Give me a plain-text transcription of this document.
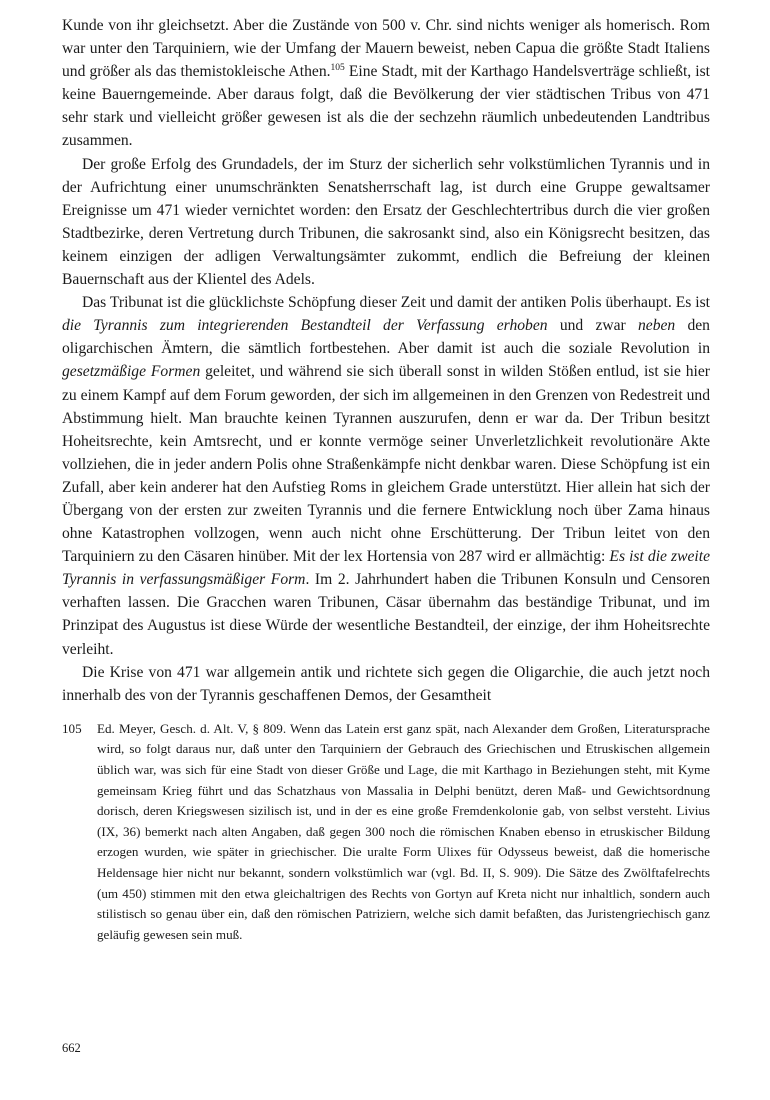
Kunde von ihr gleichsetzt. Aber die Zustände von 500 v. Chr. sind nichts weniger als homerisch. Rom war unter den Tarquiniern, wie der Umfang der Mauern beweist, neben Capua die größte Stadt Italiens und größer als das themistokleische Athen.$^{105}$ Eine Stadt, mit der Karthago Handelsverträge schließt, ist keine Bauerngemeinde. Aber daraus folgt, daß die Bevölkerung der vier städtischen Tribus von 471 sehr stark und vielleicht größer gewesen ist als die der sechzehn räumlich unbedeutenden Landtribus zusammen.

Der große Erfolg des Grundadels, der im Sturz der sicherlich sehr volkstümlichen Tyrannis und in der Aufrichtung einer unumschränkten Senatsherrschaft lag, ist durch eine Gruppe gewaltsamer Ereignisse um 471 wieder vernichtet worden: den Ersatz der Geschlechtertribus durch die vier großen Stadtbezirke, deren Vertretung durch Tribunen, die sakrosankt sind, also ein Königsrecht besitzen, das keinem einzigen der adligen Verwaltungsämter zukommt, endlich die Befreiung der kleinen Bauernschaft aus der Klientel des Adels.

Das Tribunat ist die glücklichste Schöpfung dieser Zeit und damit der antiken Polis überhaupt. Es ist die Tyrannis zum integrierenden Bestandteil der Verfassung erhoben und zwar neben den oligarchischen Ämtern, die sämtlich fortbestehen. Aber damit ist auch die soziale Revolution in gesetzmäßige Formen geleitet, und während sie sich überall sonst in wilden Stößen entlud, ist sie hier zu einem Kampf auf dem Forum geworden, der sich im allgemeinen in den Grenzen von Redestreit und Abstimmung hielt. Man brauchte keinen Tyrannen auszurufen, denn er war da. Der Tribun besitzt Hoheitsrechte, kein Amtsrecht, und er konnte vermöge seiner Unverletzlichkeit revolutionäre Akte vollziehen, die in jeder andern Polis ohne Straßenkämpfe nicht denkbar waren. Diese Schöpfung ist ein Zufall, aber kein anderer hat den Aufstieg Roms in gleichem Grade unterstützt. Hier allein hat sich der Übergang von der ersten zur zweiten Tyrannis und die fernere Entwicklung noch über Zama hinaus ohne Katastrophen vollzogen, wenn auch nicht ohne Erschütterung. Der Tribun leitet von den Tarquiniern zu den Cäsaren hinüber. Mit der lex Hortensia von 287 wird er allmächtig: Es ist die zweite Tyrannis in verfassungsmäßiger Form. Im 2. Jahrhundert haben die Tribunen Konsuln und Censoren verhaften lassen. Die Gracchen waren Tribunen, Cäsar übernahm das beständige Tribunat, und im Prinzipat des Augustus ist diese Würde der wesentliche Bestandteil, der einzige, der ihm Hoheitsrechte verleiht.

Die Krise von 471 war allgemein antik und richtete sich gegen die Oligarchie, die auch jetzt noch innerhalb des von der Tyrannis geschaffenen Demos, der Gesamtheit

105	Ed. Meyer, Gesch. d. Alt. V, § 809. Wenn das Latein erst ganz spät, nach Alexander dem Großen, Literatursprache wird, so folgt daraus nur, daß unter den Tarquiniern der Gebrauch des Griechischen und Etruskischen allgemein üblich war, was sich für eine Stadt von dieser Größe und Lage, die mit Karthago in Beziehungen steht, mit Kyme gemeinsam Krieg führt und das Schatzhaus von Massalia in Delphi benützt, deren Maß- und Gewichtsordnung dorisch, deren Kriegswesen sizilisch ist, und in der es eine große Fremdenkolonie gab, von selbst versteht. Livius (IX, 36) bemerkt nach alten Angaben, daß gegen 300 noch die römischen Knaben ebenso in etruskischer Bildung erzogen wurden, wie später in griechischer. Die uralte Form Ulixes für Odysseus beweist, daß die homerische Heldensage hier nicht nur bekannt, sondern volkstümlich war (vgl. Bd. II, S. 909). Die Sätze des Zwölftafelrechts (um 450) stimmen mit den etwa gleichaltrigen des Rechts von Gortyn auf Kreta nicht nur inhaltlich, sondern auch stilistisch so genau über ein, daß den römischen Patriziern, welche sich damit befaßten, das Juristengriechisch ganz geläufig gewesen sein muß.
662
